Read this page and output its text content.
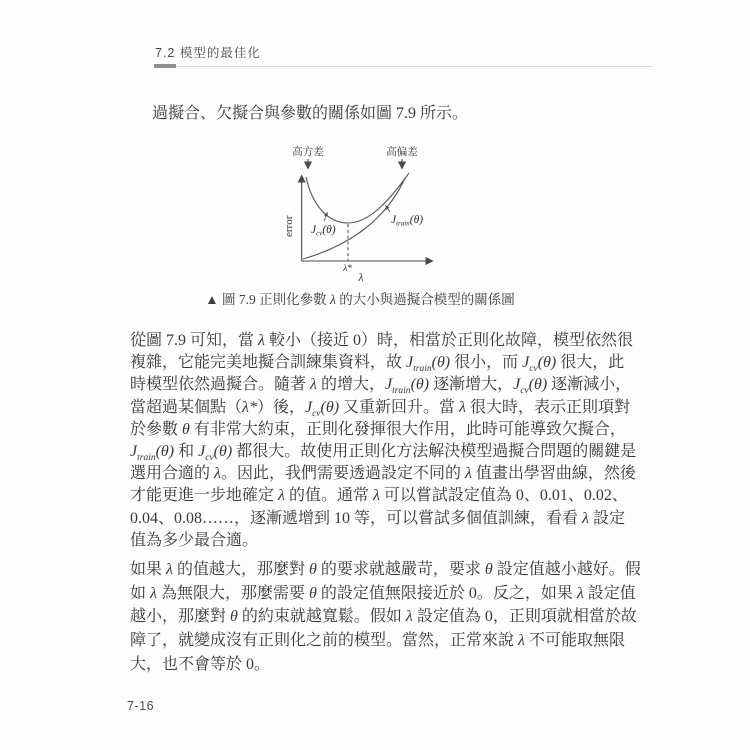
7.2 模型的最佳化
過擬合、欠擬合與參數的關係如圖 7.9 所示。
高方差	高偏差
error
λ
λ*
$J_{cv}(\theta)$
$J_{train}(\theta)$
▲ 圖 7.9 正則化參數 λ 的大小與過擬合模型的關係圖
從圖 7.9 可知，當 λ 較小（接近 0）時，相當於正則化故障，模型依然很
複雜，它能完美地擬合訓練集資料，故 $J_{train}(\theta)$ 很小，而 $J_{cv}(\theta)$ 很大，此
時模型依然過擬合。隨著 λ 的增大，$J_{train}(\theta)$ 逐漸增大，$J_{cv}(\theta)$ 逐漸減小，
當超過某個點（λ*）後，$J_{cv}(\theta)$ 又重新回升。當 λ 很大時，表示正則項對
於參數 θ 有非常大約束，正則化發揮很大作用，此時可能導致欠擬合，
$J_{train}(\theta)$ 和 $J_{cv}(\theta)$ 都很大。故使用正則化方法解決模型過擬合問題的關鍵是
選用合適的 λ。因此，我們需要透過設定不同的 λ 值畫出學習曲線，然後
才能更進一步地確定 λ 的值。通常 λ 可以嘗試設定值為 0、0.01、0.02、
0.04、0.08……，逐漸遞增到 10 等，可以嘗試多個值訓練，看看 λ 設定
值為多少最合適。
如果 λ 的值越大，那麼對 θ 的要求就越嚴苛，要求 θ 設定值越小越好。假
如 λ 為無限大，那麼需要 θ 的設定值無限接近於 0。反之，如果 λ 設定值
越小，那麼對 θ 的約束就越寬鬆。假如 λ 設定值為 0，正則項就相當於故
障了，就變成沒有正則化之前的模型。當然，正常來說 λ 不可能取無限
大，也不會等於 0。
7-16
